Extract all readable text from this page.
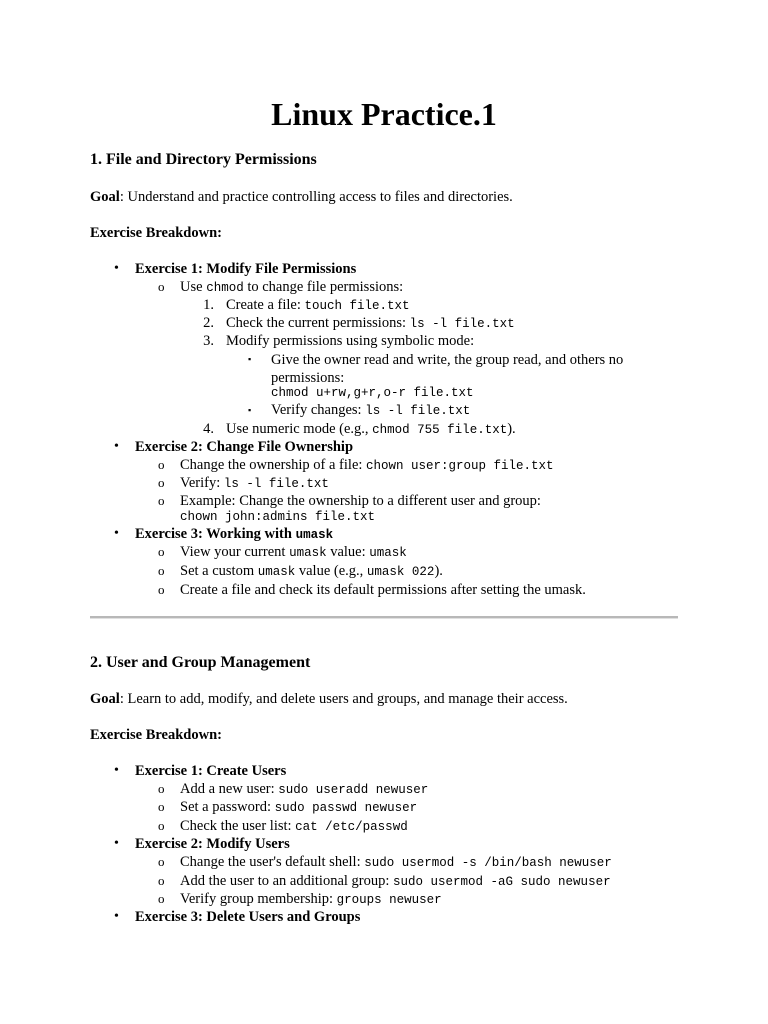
Linux Practice.1
1. File and Directory Permissions
Goal: Understand and practice controlling access to files and directories.
Exercise Breakdown:
• Exercise 1: Modify File Permissions
o	Use chmod to change file permissions:
1. Create a file: touch file.txt
2. Check the current permissions: ls -l file.txt
3. Modify permissions using symbolic mode:
▪	Give the owner read and write, the group read, and others no
permissions:
chmod u+rw,g+r,o-r file.txt
▪	Verify changes: ls -l file.txt
4. Use numeric mode (e.g., chmod 755 file.txt).
• Exercise 2: Change File Ownership
o	Change the ownership of a file: chown user:group file.txt
o	Verify: ls -l file.txt
o	Example: Change the ownership to a different user and group:
chown john:admins file.txt
• Exercise 3: Working with umask
o	View your current umask value: umask
o	Set a custom umask value (e.g., umask 022).
o	Create a file and check its default permissions after setting the umask.
2. User and Group Management
Goal: Learn to add, modify, and delete users and groups, and manage their access.
Exercise Breakdown:
• Exercise 1: Create Users
o	Add a new user: sudo useradd newuser
o	Set a password: sudo passwd newuser
o	Check the user list: cat /etc/passwd
• Exercise 2: Modify Users
o	Change the user's default shell: sudo usermod -s /bin/bash newuser
o	Add the user to an additional group: sudo usermod -aG sudo newuser
o	Verify group membership: groups newuser
• Exercise 3: Delete Users and Groups
